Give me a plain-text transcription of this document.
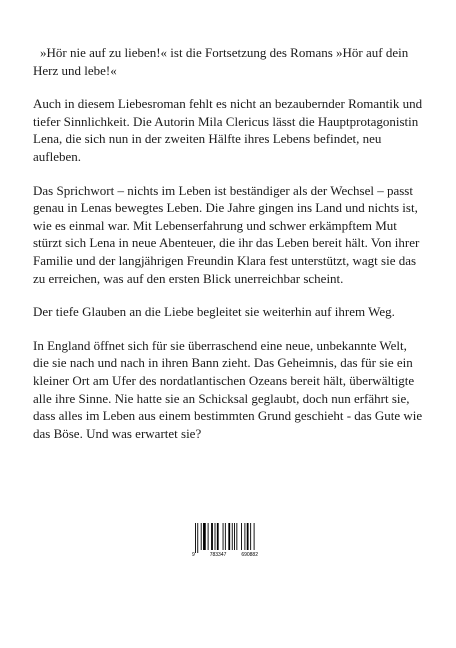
»Hör nie auf zu lieben!« ist die Fortsetzung des Romans »Hör auf dein Herz und lebe!«

Auch in diesem Liebesroman fehlt es nicht an bezaubernder Romantik und tiefer Sinnlichkeit. Die Autorin Mila Clericus lässt die Hauptprotagonistin Lena, die sich nun in der zweiten Hälfte ihres Lebens befindet, neu aufleben.

Das Sprichwort – nichts im Leben ist beständiger als der Wechsel – passt genau in Lenas bewegtes Leben. Die Jahre gingen ins Land und nichts ist, wie es einmal war. Mit Lebenserfahrung und schwer erkämpftem Mut stürzt sich Lena in neue Abenteuer, die ihr das Leben bereit hält. Von ihrer Familie und der langjährigen Freundin Klara fest unterstützt, wagt sie das zu erreichen, was auf den ersten Blick unerreichbar scheint.

Der tiefe Glauben an die Liebe begleitet sie weiterhin auf ihrem Weg.

In England öffnet sich für sie überraschend eine neue, unbekannte Welt, die sie nach und nach in ihren Bann zieht. Das Geheimnis, das für sie ein kleiner Ort am Ufer des nordatlantischen Ozeans bereit hält, überwältigte alle ihre Sinne. Nie hatte sie an Schicksal geglaubt, doch nun erfährt sie, dass alles im Leben aus einem bestimmten Grund geschieht - das Gute wie das Böse. Und was erwartet sie?

9	783347	690882
